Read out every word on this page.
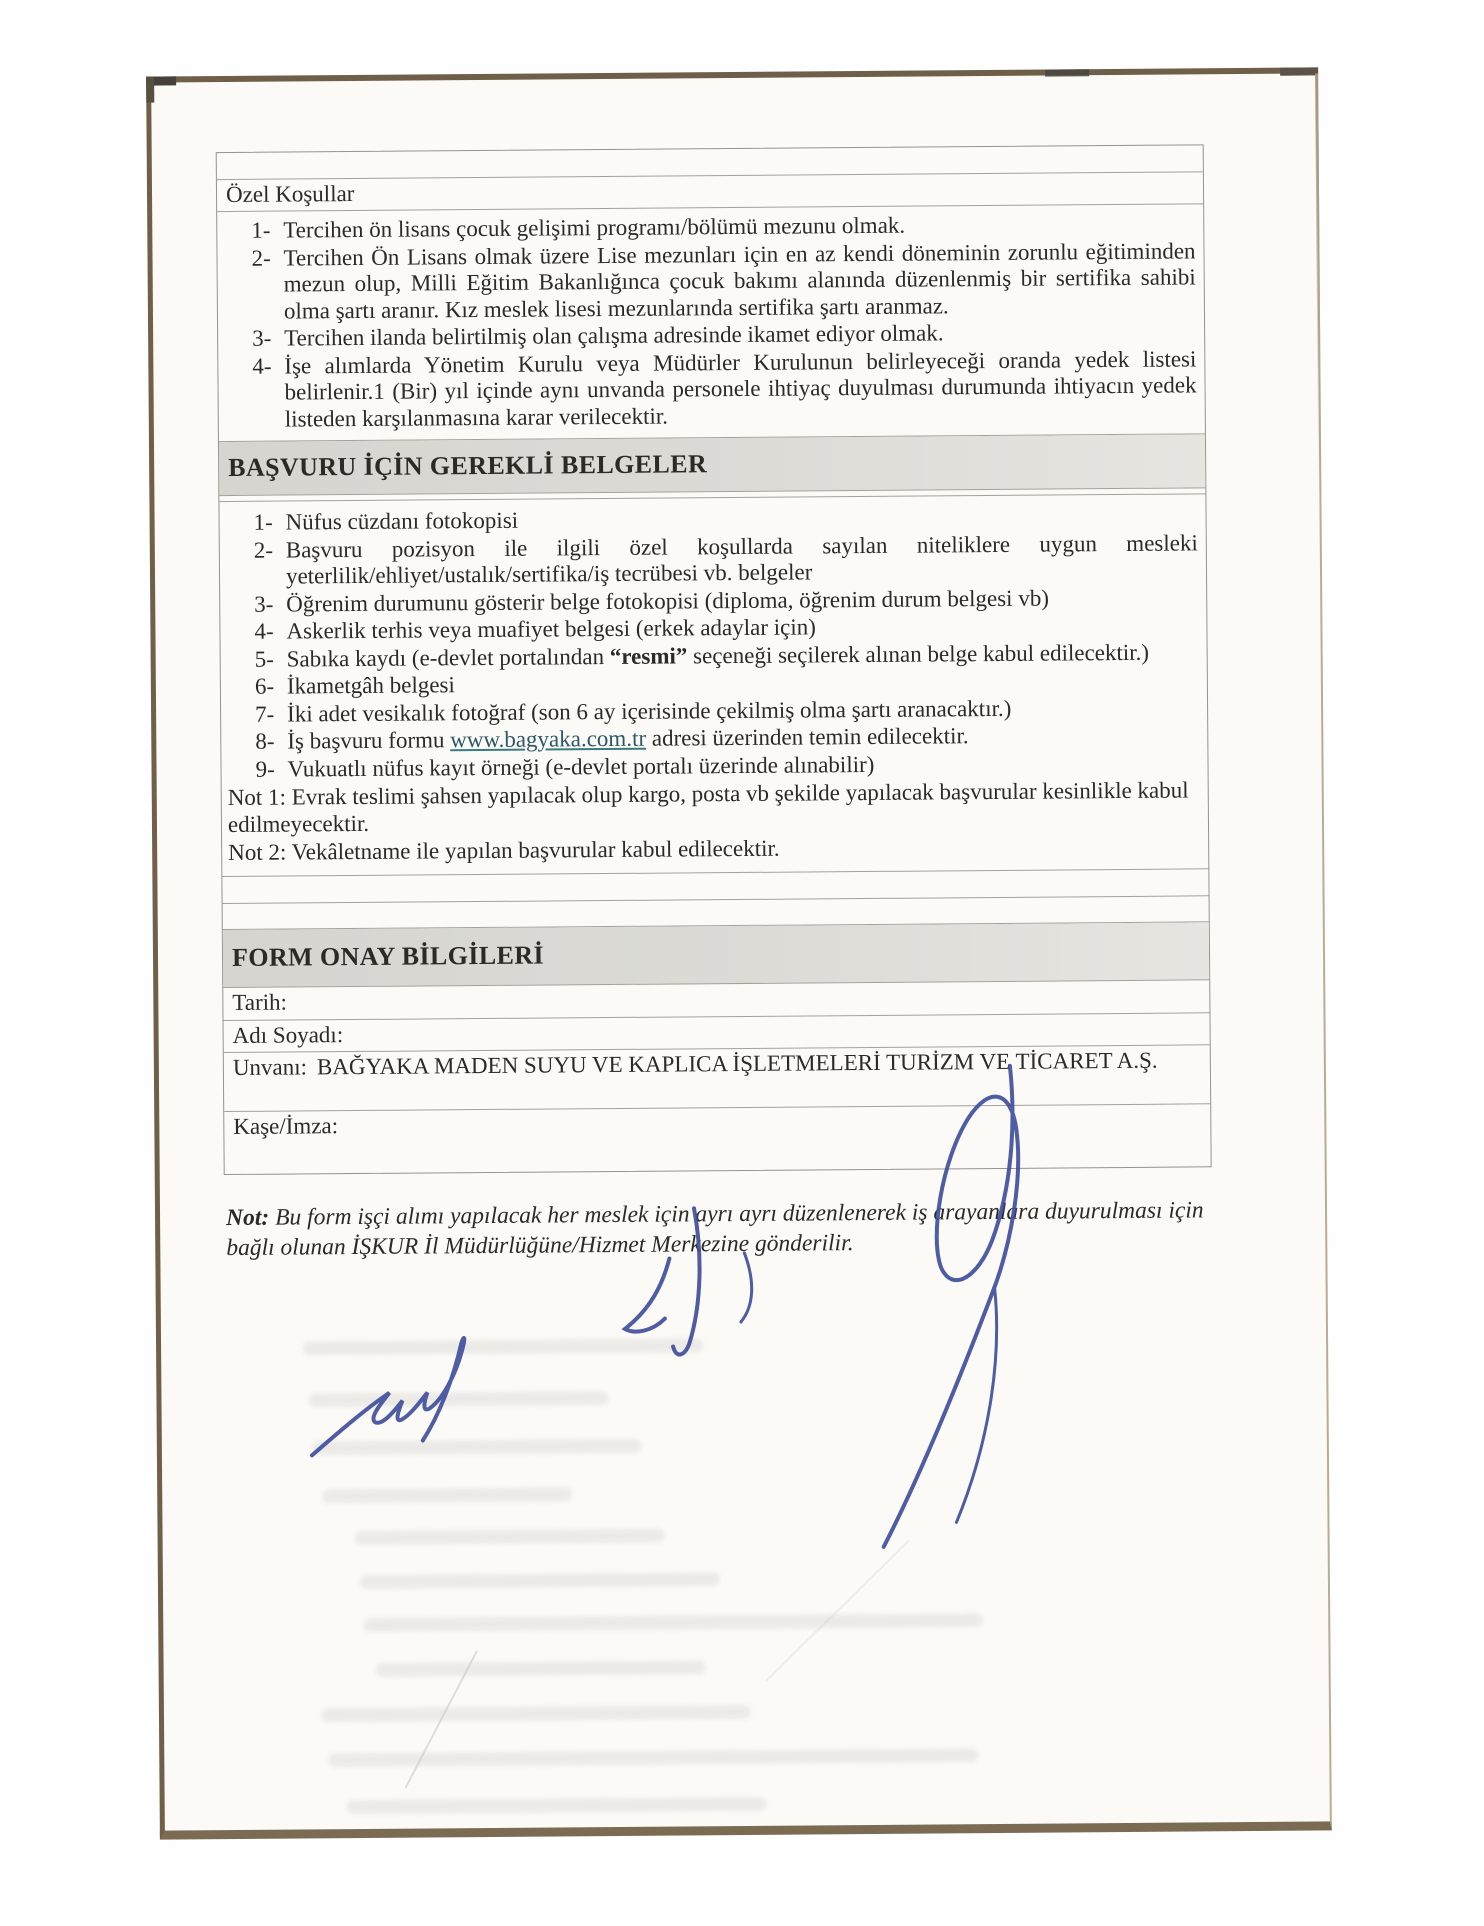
Özel Koşullar
1- Tercihen ön lisans çocuk gelişimi programı/bölümü mezunu olmak.
2- Tercihen Ön Lisans olmak üzere Lise mezunları için en az kendi döneminin zorunlu eğitiminden mezun olup, Milli Eğitim Bakanlığınca çocuk bakımı alanında düzenlenmiş bir sertifika sahibi olma şartı aranır. Kız meslek lisesi mezunlarında sertifika şartı aranmaz.
3- Tercihen ilanda belirtilmiş olan çalışma adresinde ikamet ediyor olmak.
4- İşe alımlarda Yönetim Kurulu veya Müdürler Kurulunun belirleyeceği oranda yedek listesi belirlenir.1 (Bir) yıl içinde aynı unvanda personele ihtiyaç duyulması durumunda ihtiyacın yedek listeden karşılanmasına karar verilecektir.
BAŞVURU İÇİN GEREKLİ BELGELER
1- Nüfus cüzdanı fotokopisi
2- Başvuru pozisyon ile ilgili özel koşullarda sayılan niteliklere uygun mesleki yeterlilik/ehliyet/ustalık/sertifika/iş tecrübesi vb. belgeler
3- Öğrenim durumunu gösterir belge fotokopisi (diploma, öğrenim durum belgesi vb)
4- Askerlik terhis veya muafiyet belgesi (erkek adaylar için)
5- Sabıka kaydı (e-devlet portalından “resmi” seçeneği seçilerek alınan belge kabul edilecektir.)
6- İkametgâh belgesi
7- İki adet vesikalık fotoğraf (son 6 ay içerisinde çekilmiş olma şartı aranacaktır.)
8- İş başvuru formu www.bagyaka.com.tr adresi üzerinden temin edilecektir.
9- Vukuatlı nüfus kayıt örneği (e-devlet portalı üzerinde alınabilir)
Not 1: Evrak teslimi şahsen yapılacak olup kargo, posta vb şekilde yapılacak başvurular kesinlikle kabul edilmeyecektir.
Not 2: Vekâletname ile yapılan başvurular kabul edilecektir.
FORM ONAY BİLGİLERİ
Tarih:
Adı Soyadı:
Unvanı: BAĞYAKA MADEN SUYU VE KAPLICA İŞLETMELERİ TURİZM VE TİCARET A.Ş.
Kaşe/İmza:
Not: Bu form işçi alımı yapılacak her meslek için ayrı ayrı düzenlenerek iş arayanlara duyurulması için bağlı olunan İŞKUR İl Müdürlüğüne/Hizmet Merkezine gönderilir.
